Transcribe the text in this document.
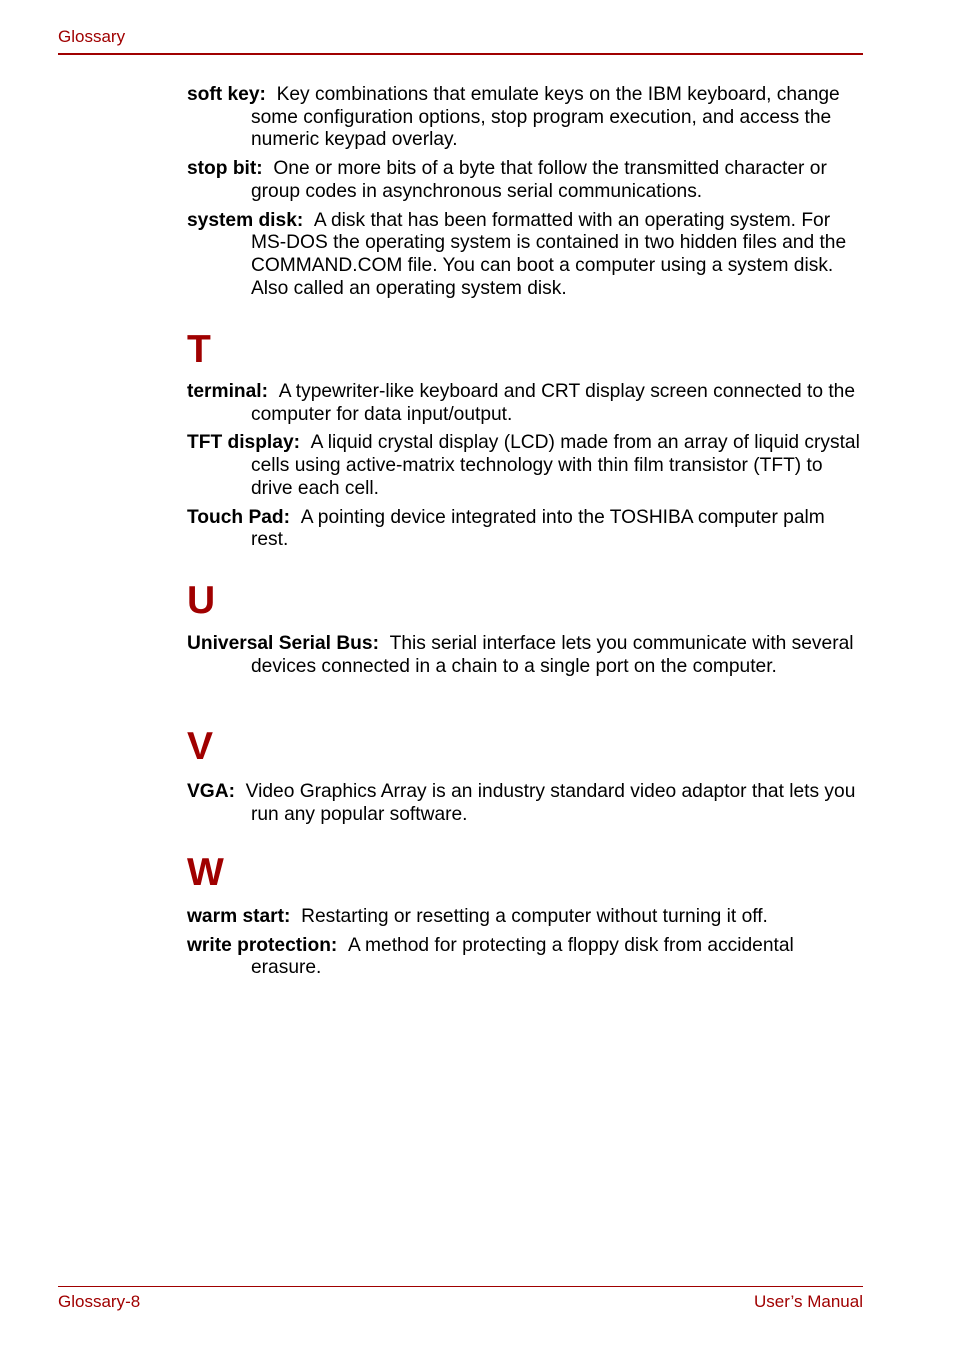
Glossary

soft key: Key combinations that emulate keys on the IBM keyboard, change some configuration options, stop program execution, and access the numeric keypad overlay.

stop bit: One or more bits of a byte that follow the transmitted character or group codes in asynchronous serial communications.

system disk: A disk that has been formatted with an operating system. For MS-DOS the operating system is contained in two hidden files and the COMMAND.COM file. You can boot a computer using a system disk. Also called an operating system disk.

T

terminal: A typewriter-like keyboard and CRT display screen connected to the computer for data input/output.

TFT display: A liquid crystal display (LCD) made from an array of liquid crystal cells using active-matrix technology with thin film transistor (TFT) to drive each cell.

Touch Pad: A pointing device integrated into the TOSHIBA computer palm rest.

U

Universal Serial Bus: This serial interface lets you communicate with several devices connected in a chain to a single port on the computer.

V

VGA: Video Graphics Array is an industry standard video adaptor that lets you run any popular software.

W

warm start: Restarting or resetting a computer without turning it off.

write protection: A method for protecting a floppy disk from accidental erasure.

Glossary-8	User’s Manual
